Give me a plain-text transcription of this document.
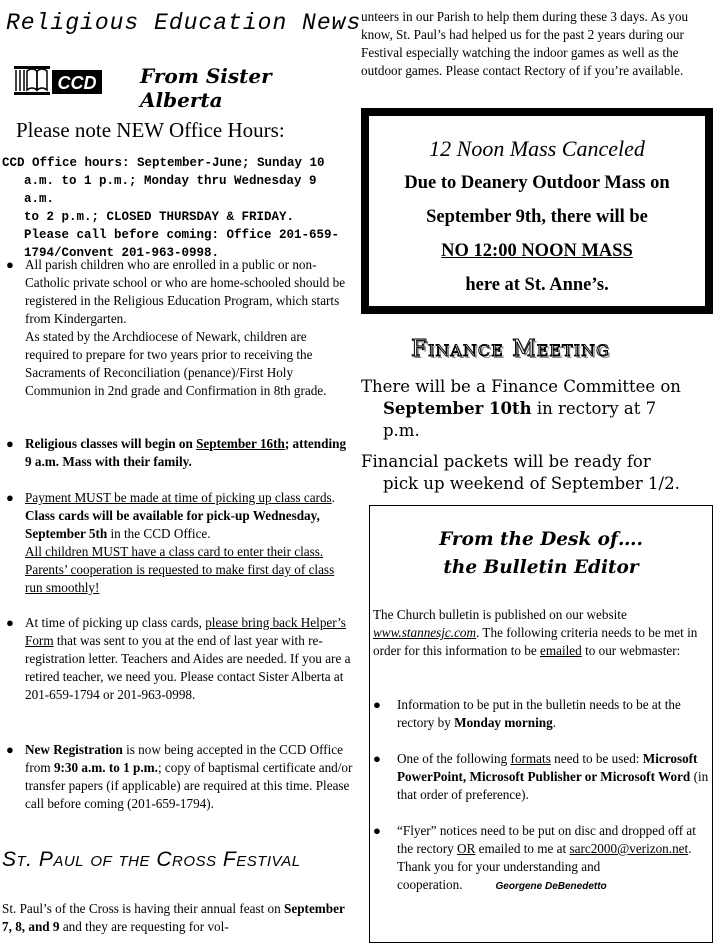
Religious Education News
CCD From Sister Alberta
Please note NEW Office Hours:
CCD Office hours: September-June; Sunday 10
a.m. to 1 p.m.; Monday thru Wednesday 9 a.m.
to 2 p.m.; CLOSED THURSDAY & FRIDAY.
Please call before coming: Office 201-659-
1794/Convent 201-963-0998.
● All parish children who are enrolled in a public or non-Catholic private school or who are home-schooled should be registered in the Religious Education Program, which starts from Kindergarten.
As stated by the Archdiocese of Newark, children are required to prepare for two years prior to receiving the Sacraments of Reconciliation (penance)/First Holy Communion in 2nd grade and Confirmation in 8th grade.
● Religious classes will begin on September 16th; attending 9 a.m. Mass with their family.
● Payment MUST be made at time of picking up class cards. Class cards will be available for pick-up Wednesday, September 5th in the CCD Office.
All children MUST have a class card to enter their class. Parents’ cooperation is requested to make first day of class run smoothly!
● At time of picking up class cards, please bring back Helper’s Form that was sent to you at the end of last year with re-registration letter. Teachers and Aides are needed. If you are a retired teacher, we need you. Please contact Sister Alberta at 201-659-1794 or 201-963-0998.
● New Registration is now being accepted in the CCD Office from 9:30 a.m. to 1 p.m.; copy of baptismal certificate and/or transfer papers (if applicable) are required at this time. Please call before coming (201-659-1794).
St. Paul of the Cross Festival
St. Paul’s of the Cross is having their annual feast on September 7, 8, and 9 and they are requesting for vol-
unteers in our Parish to help them during these 3 days. As you know, St. Paul’s had helped us for the past 2 years during our Festival especially watching the indoor games as well as the outdoor games. Please contact Rectory of if you’re available.
12 Noon Mass Canceled
Due to Deanery Outdoor Mass on
September 9th, there will be
NO 12:00 NOON MASS
here at St. Anne’s.
Finance Meeting
There will be a Finance Committee on
September 10th in rectory at 7
p.m.
Financial packets will be ready for
pick up weekend of September 1/2.
From the Desk of….
the Bulletin Editor
The Church bulletin is published on our website www.stannesjc.com. The following criteria needs to be met in order for this information to be emailed to our webmaster:
● Information to be put in the bulletin needs to be at the rectory by Monday morning.
● One of the following formats need to be used: Microsoft PowerPoint, Microsoft Publisher or Microsoft Word (in that order of preference).
● “Flyer” notices need to be put on disc and dropped off at the rectory OR emailed to me at sarc2000@verizon.net.
Thank you for your understanding and cooperation.	Georgene DeBenedetto
